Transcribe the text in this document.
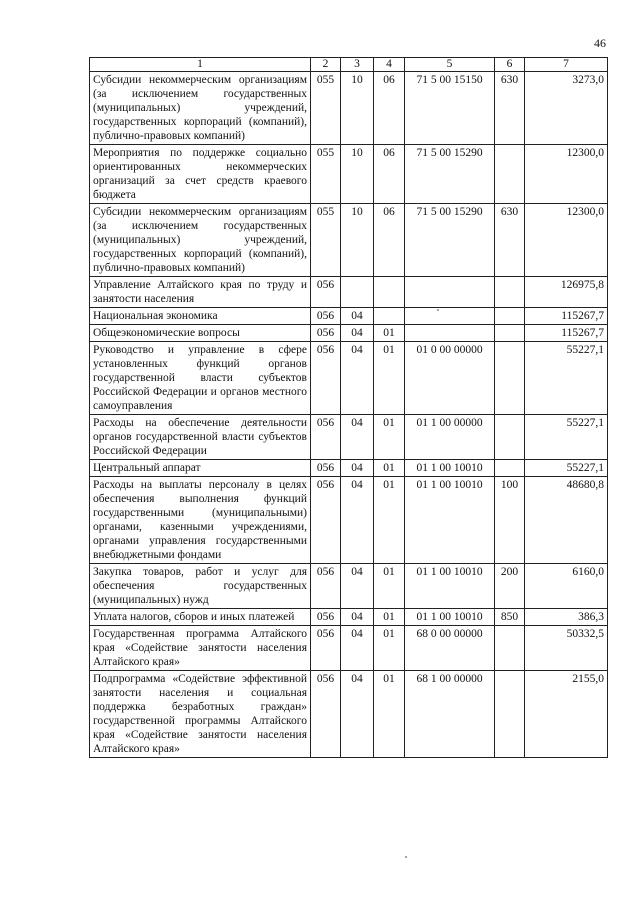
46
1	2	3	4	5	6	7
Субсидии некоммерческим организациям (за исключением государственных (муниципальных) учреждений, государственных корпораций (компаний), публично-правовых компаний)	055	10	06	71 5 00 15150	630	3273,0
Мероприятия по поддержке социально ориентированных некоммерческих организаций за счет средств краевого бюджета	055	10	06	71 5 00 15290		12300,0
Субсидии некоммерческим организациям (за исключением государственных (муниципальных) учреждений, государственных корпораций (компаний), публично-правовых компаний)	055	10	06	71 5 00 15290	630	12300,0
Управление Алтайского края по труду и занятости населения	056					126975,8
Национальная экономика	056	04				115267,7
Общеэкономические вопросы	056	04	01			115267,7
Руководство и управление в сфере установленных функций органов государственной власти субъектов Российской Федерации и органов местного самоуправления	056	04	01	01 0 00 00000		55227,1
Расходы на обеспечение деятельности органов государственной власти субъектов Российской Федерации	056	04	01	01 1 00 00000		55227,1
Центральный аппарат	056	04	01	01 1 00 10010		55227,1
Расходы на выплаты персоналу в целях обеспечения выполнения функций государственными (муниципальными) органами, казенными учреждениями, органами управления государственными внебюджетными фондами	056	04	01	01 1 00 10010	100	48680,8
Закупка товаров, работ и услуг для обеспечения государственных (муниципальных) нужд	056	04	01	01 1 00 10010	200	6160,0
Уплата налогов, сборов и иных платежей	056	04	01	01 1 00 10010	850	386,3
Государственная программа Алтайского края «Содействие занятости населения Алтайского края»	056	04	01	68 0 00 00000		50332,5
Подпрограмма «Содействие эффективной занятости населения и социальная поддержка безработных граждан» государственной программы Алтайского края «Содействие занятости населения Алтайского края»	056	04	01	68 1 00 00000		2155,0
